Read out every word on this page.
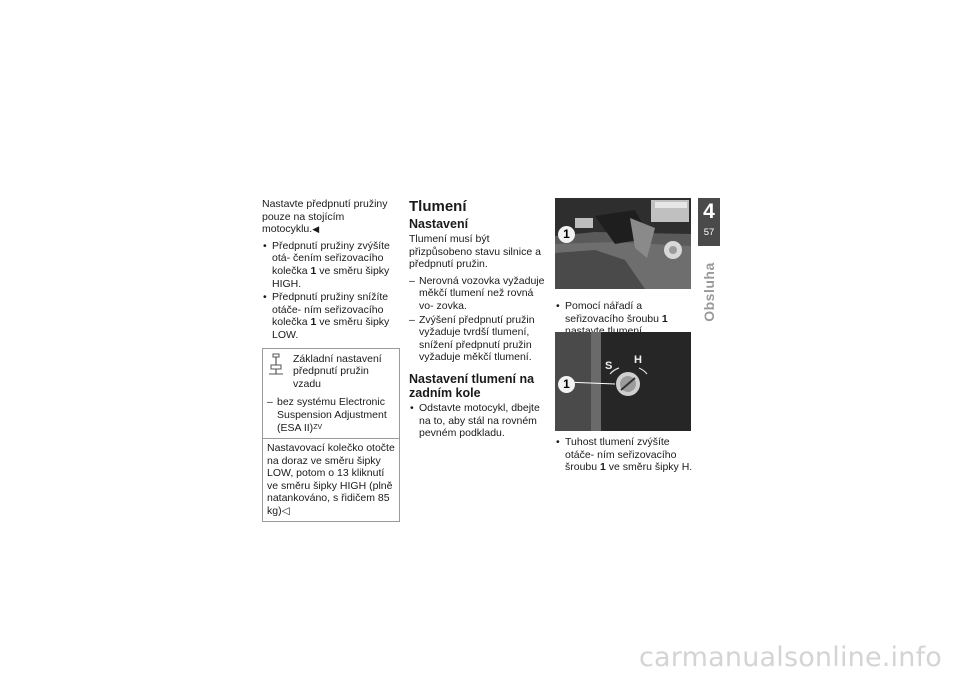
Nastavte předpnutí pružiny pouze na stojícím motocyklu.◀

• Předpnutí pružiny zvýšíte otá- čením seřizovacího kolečka 1 ve směru šipky HIGH.
• Předpnutí pružiny snížíte otáče- ním seřizovacího kolečka 1 ve směru šipky LOW.
Základní nastavení předpnutí pružin vzadu
– bez systému Electronic Suspension Adjustment (ESA II)$^{ZV}$
Nastavovací kolečko otočte na doraz ve směru šipky LOW, potom o 13 kliknutí ve směru šipky HIGH (plně natankováno, s řidičem 85 kg)◁
Tlumení
Nastavení

Tlumení musí být přizpůsobeno stavu silnice a předpnutí pružin.

– Nerovná vozovka vyžaduje měkčí tlumení než rovná vo- zovka.
– Zvýšení předpnutí pružin vyžaduje tvrdší tlumení, snížení předpnutí pružin vyžaduje měkčí tlumení.
Nastavení tlumení na zadním kole
• Odstavte motocykl, dbejte na to, aby stál na rovném pevném podkladu.
1
• Pomocí nářadí a seřizovacího šroubu 1
S H
1
• Tuhost tlumení zvýšíte otáče- ním seřizovacího šroubu 1 ve směru šipky H.
4
57
Obsluha
carmanualsonline.info
